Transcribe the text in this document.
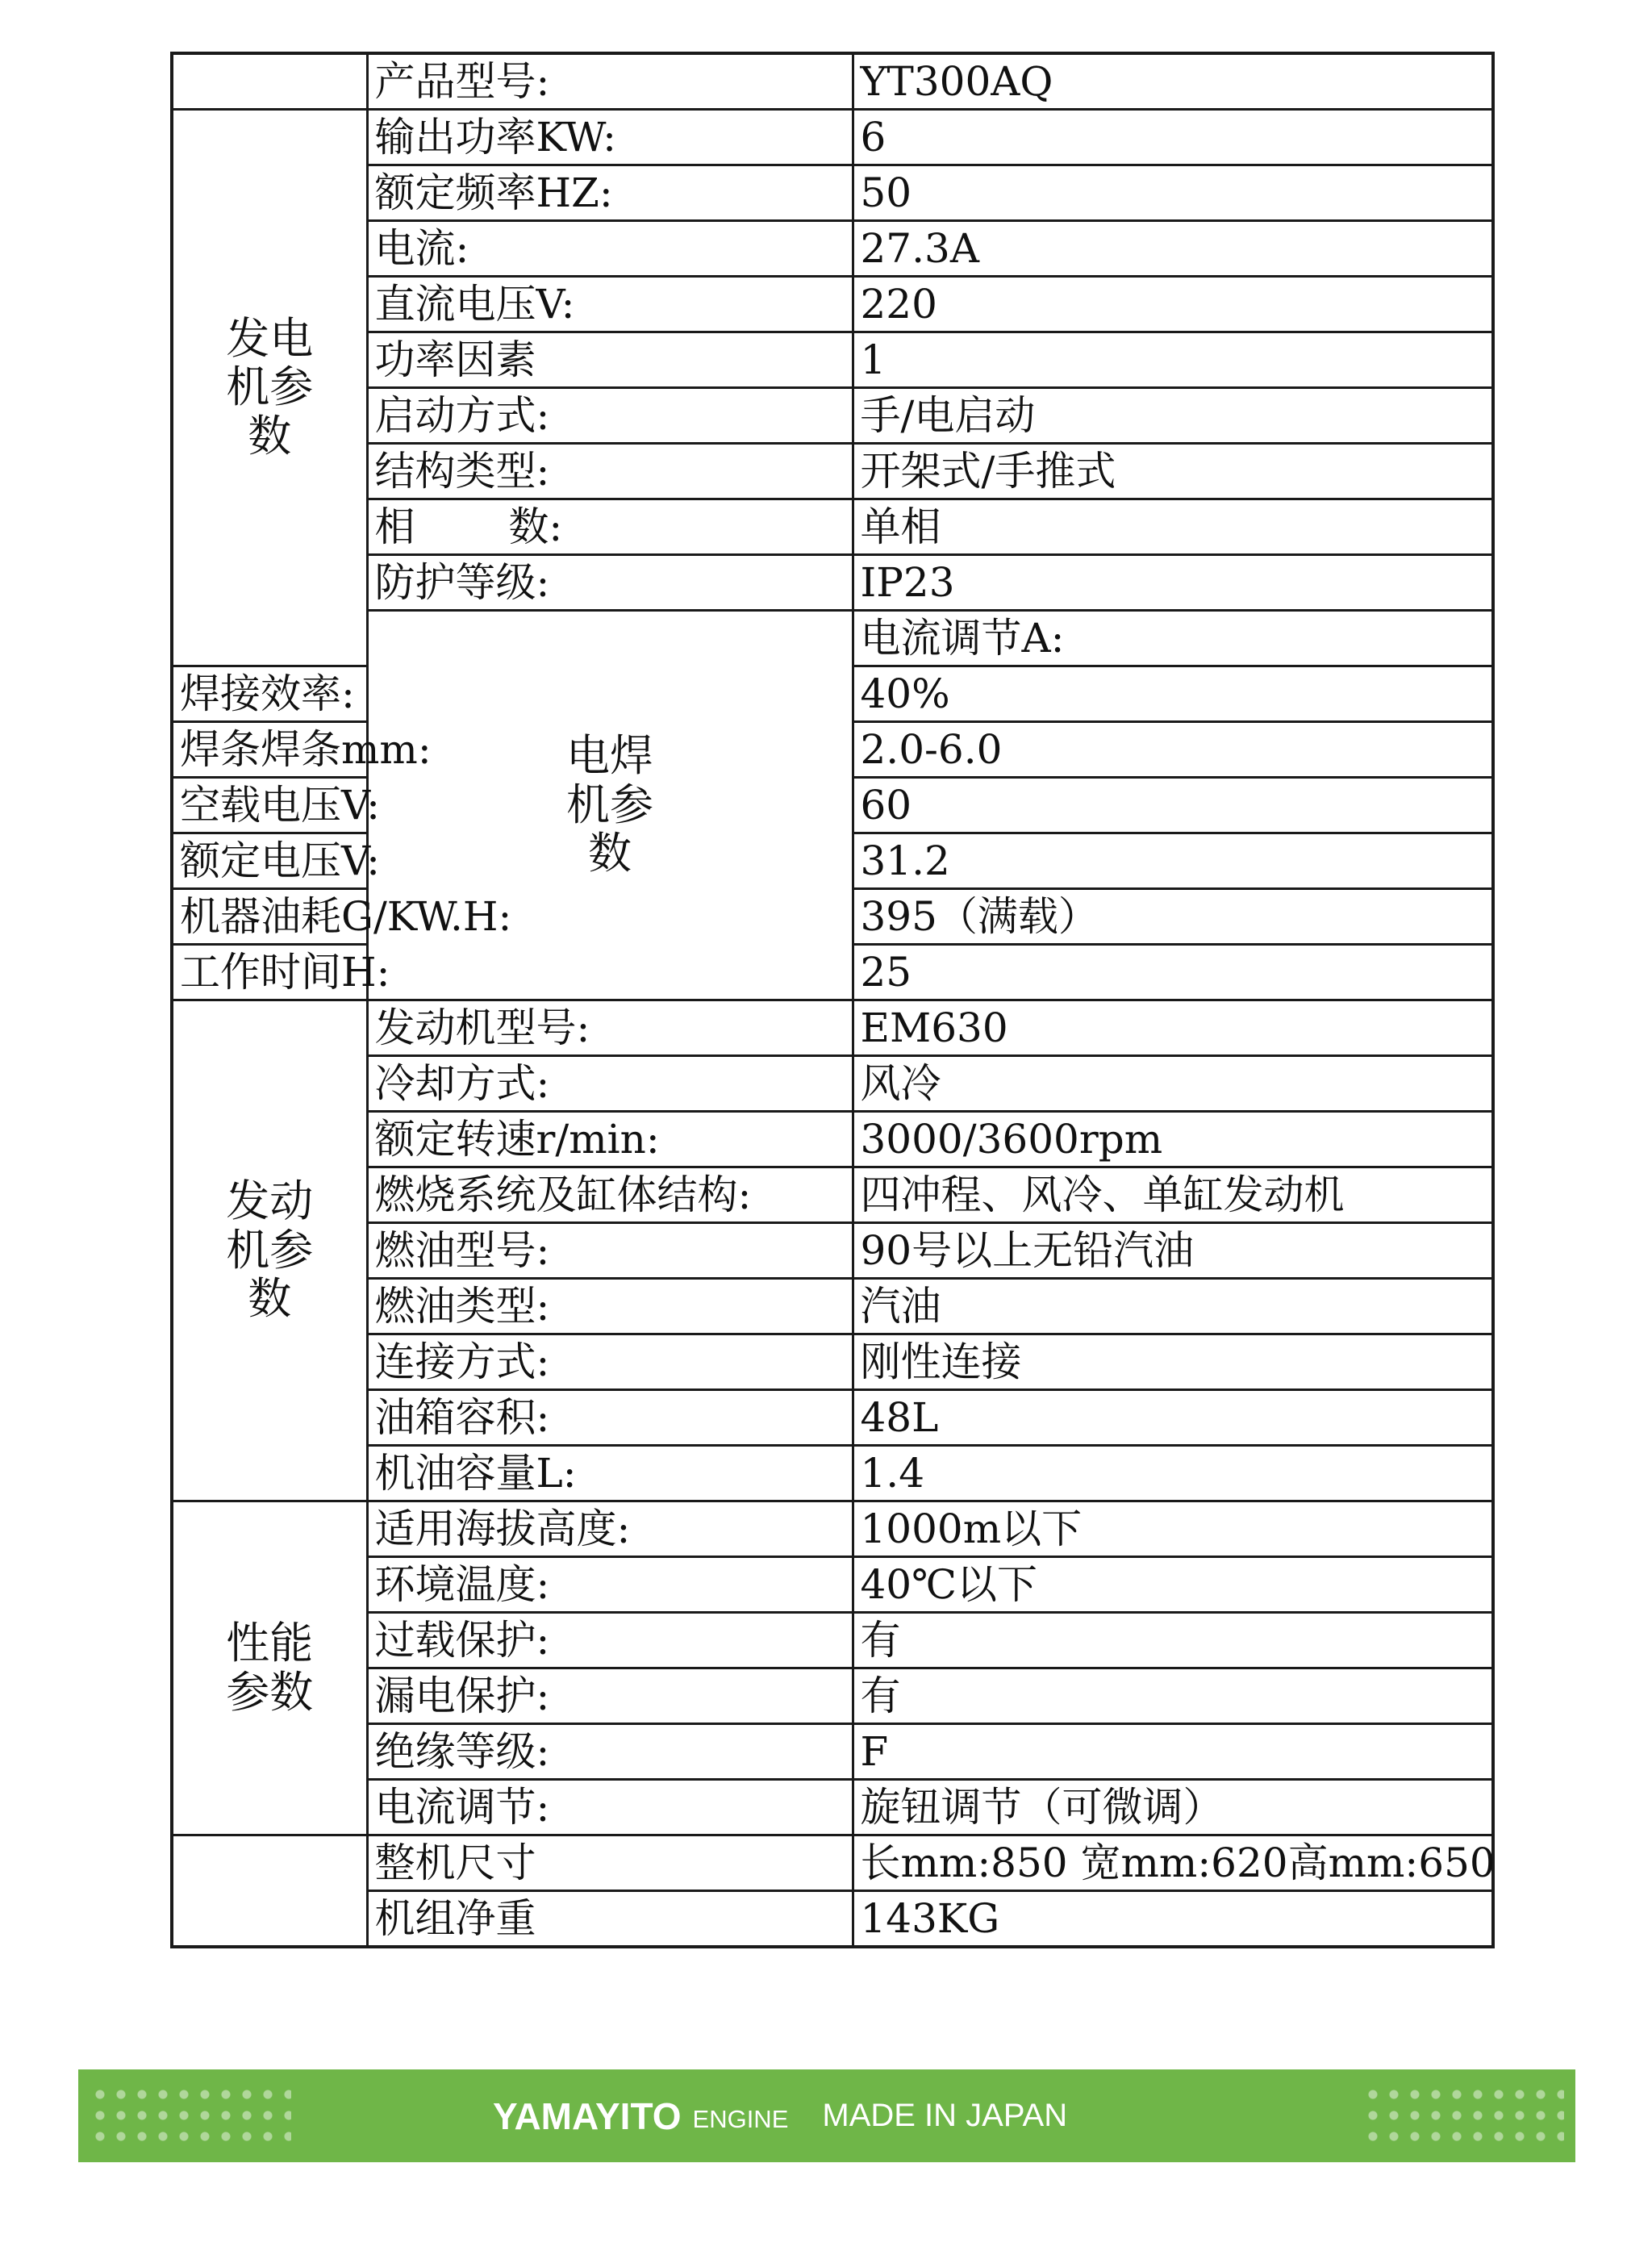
	产品型号:	YT300AQ	
发电机参数	输出功率KW:	6	
	额定频率HZ:	50	
	电流:	27.3A	
	直流电压V:	220	
	功率因素	1	
	启动方式:	手/电启动	
	结构类型:	开架式/手推式	
	相　　 数:	单相	
	防护等级:	IP23	
	电焊机参数	电流调节A:	
焊接效率:		40%	
焊条焊条mm:		2.0-6.0	
空载电压V:		60	
额定电压V:		31.2	
机器油耗G/KW.H:		395（满载）	
工作时间H:		25	
发动机参数	发动机型号:	EM630	
	冷却方式:	风冷	
	额定转速r/min:	3000/3600rpm	
	燃烧系统及缸体结构:	四冲程、风冷、单缸发动机	
	燃油型号:	90号以上无铅汽油	
	燃油类型:	汽油	
	连接方式:	刚性连接	
	油箱容积:	48L	
	机油容量L:	1.4	
性能参数	适用海拔高度:	1000m以下	
	环境温度:	40℃以下	
	过载保护:	有	
	漏电保护:	有	
	绝缘等级:	F	
	电流调节:	旋钮调节（可微调）	
	整机尺寸	长mm:850 宽mm:620高mm:650	
	机组净重	143KG	
YAMAYITO ENGINE MADE IN JAPAN
